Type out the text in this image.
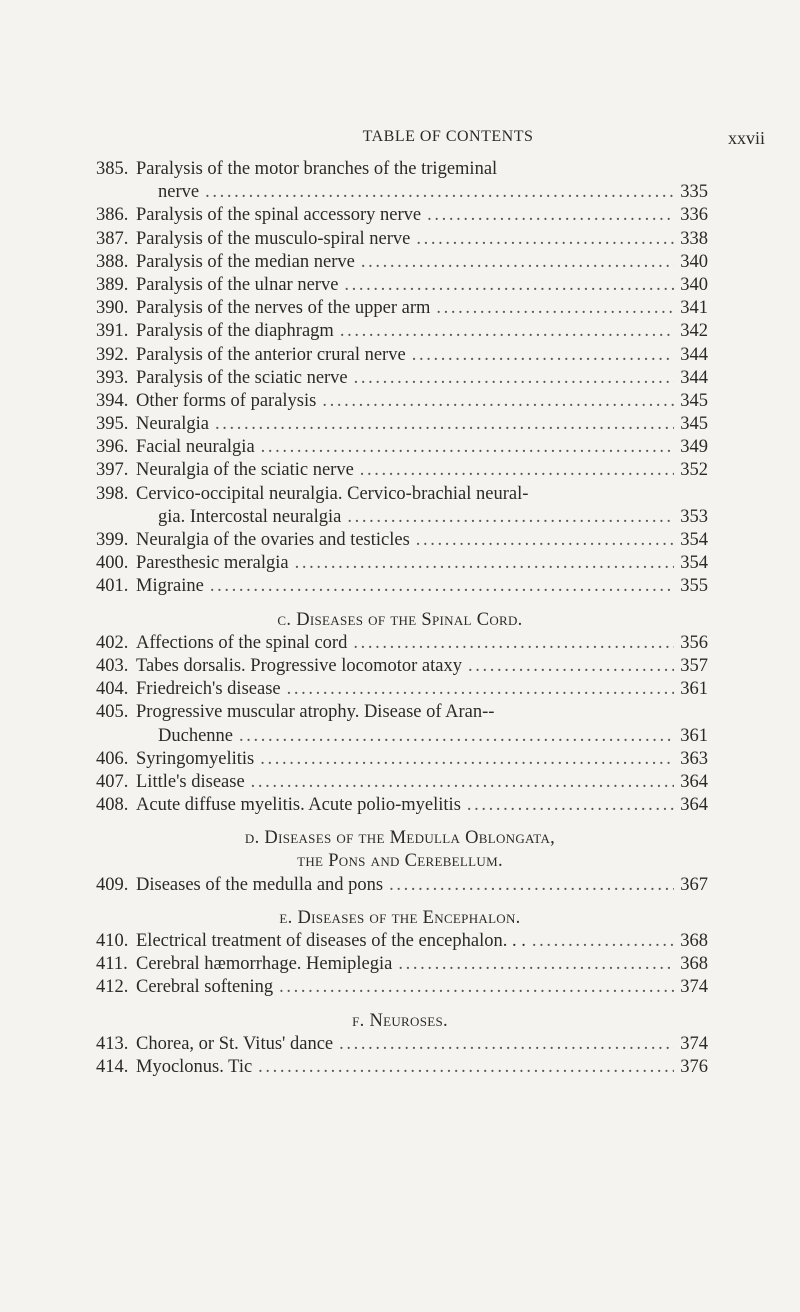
TABLE OF CONTENTS	xxvii
385. Paralysis of the motor branches of the trigeminal
nerve . . .	335
386. Paralysis of the spinal accessory nerve . . .	336
387. Paralysis of the musculo-spiral nerve . . .	338
388. Paralysis of the median nerve . . .	340
389. Paralysis of the ulnar nerve . . .	340
390. Paralysis of the nerves of the upper arm . . .	341
391. Paralysis of the diaphragm . . .	342
392. Paralysis of the anterior crural nerve . . .	344
393. Paralysis of the sciatic nerve . . .	344
394. Other forms of paralysis . . .	345
395. Neuralgia . . .	345
396. Facial neuralgia . . .	349
397. Neuralgia of the sciatic nerve . . .	352
398. Cervico-occipital neuralgia. Cervico-brachial neural-
gia. Intercostal neuralgia . . .	353
399. Neuralgia of the ovaries and testicles . . .	354
400. Paresthesic meralgia . . .	354
401. Migraine . . .	355
c. Diseases of the Spinal Cord.
402. Affections of the spinal cord . . .	356
403. Tabes dorsalis. Progressive locomotor ataxy . . .	357
404. Friedreich's disease . . .	361
405. Progressive muscular atrophy. Disease of Aran--
Duchenne . . .	361
406. Syringomyelitis . . .	363
407. Little's disease . . .	364
408. Acute diffuse myelitis. Acute polio-myelitis . . .	364
d. Diseases of the Medulla Oblongata,
the Pons and Cerebellum.
409. Diseases of the medulla and pons . . .	367
e. Diseases of the Encephalon.
410. Electrical treatment of diseases of the encephalon. . . . . .	368
411. Cerebral hæmorrhage. Hemiplegia . . .	368
412. Cerebral softening . . .	374
f. Neuroses.
413. Chorea, or St. Vitus' dance . . .	374
414. Myoclonus. Tic . . .	376
